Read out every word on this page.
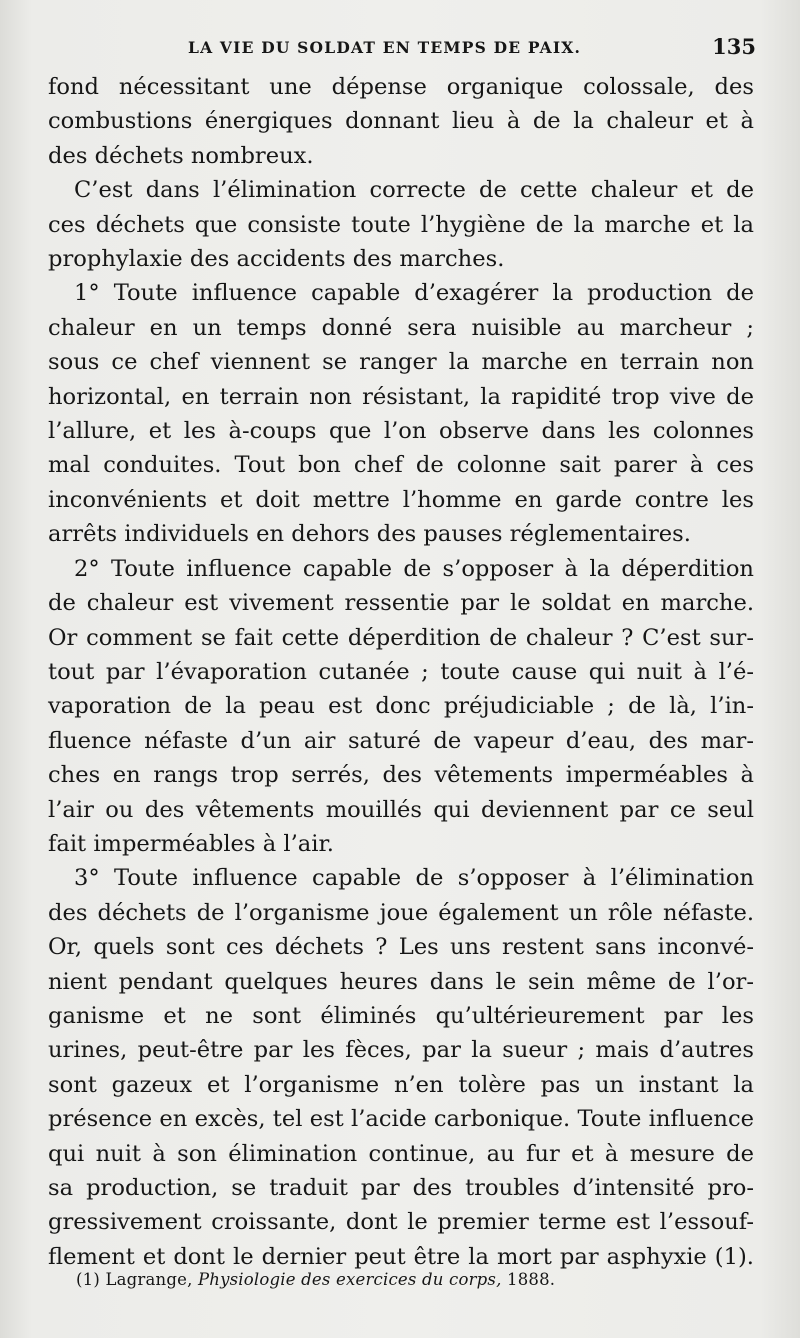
LA VIE DU SOLDAT EN TEMPS DE PAIX.	135
fond nécessitant une dépense organique colossale, des
combustions énergiques donnant lieu à de la chaleur et à
des déchets nombreux.
C’est dans l’élimination correcte de cette chaleur et de
ces déchets que consiste toute l’hygiène de la marche et la
prophylaxie des accidents des marches.
1° Toute influence capable d’exagérer la production de
chaleur en un temps donné sera nuisible au marcheur ;
sous ce chef viennent se ranger la marche en terrain non
horizontal, en terrain non résistant, la rapidité trop vive de
l’allure, et les à-coups que l’on observe dans les colonnes
mal conduites. Tout bon chef de colonne sait parer à ces
inconvénients et doit mettre l’homme en garde contre les
arrêts individuels en dehors des pauses réglementaires.
2° Toute influence capable de s’opposer à la déperdition
de chaleur est vivement ressentie par le soldat en marche.
Or comment se fait cette déperdition de chaleur ? C’est sur-
tout par l’évaporation cutanée ; toute cause qui nuit à l’é-
vaporation de la peau est donc préjudiciable ; de là, l’in-
fluence néfaste d’un air saturé de vapeur d’eau, des mar-
ches en rangs trop serrés, des vêtements imperméables à
l’air ou des vêtements mouillés qui deviennent par ce seul
fait imperméables à l’air.
3° Toute influence capable de s’opposer à l’élimination
des déchets de l’organisme joue également un rôle néfaste.
Or, quels sont ces déchets ? Les uns restent sans inconvé-
nient pendant quelques heures dans le sein même de l’or-
ganisme et ne sont éliminés qu’ultérieurement par les
urines, peut-être par les fèces, par la sueur ; mais d’autres
sont gazeux et l’organisme n’en tolère pas un instant la
présence en excès, tel est l’acide carbonique. Toute influence
qui nuit à son élimination continue, au fur et à mesure de
sa production, se traduit par des troubles d’intensité pro-
gressivement croissante, dont le premier terme est l’essouf-
flement et dont le dernier peut être la mort par asphyxie (1).
(1) Lagrange, Physiologie des exercices du corps, 1888.
